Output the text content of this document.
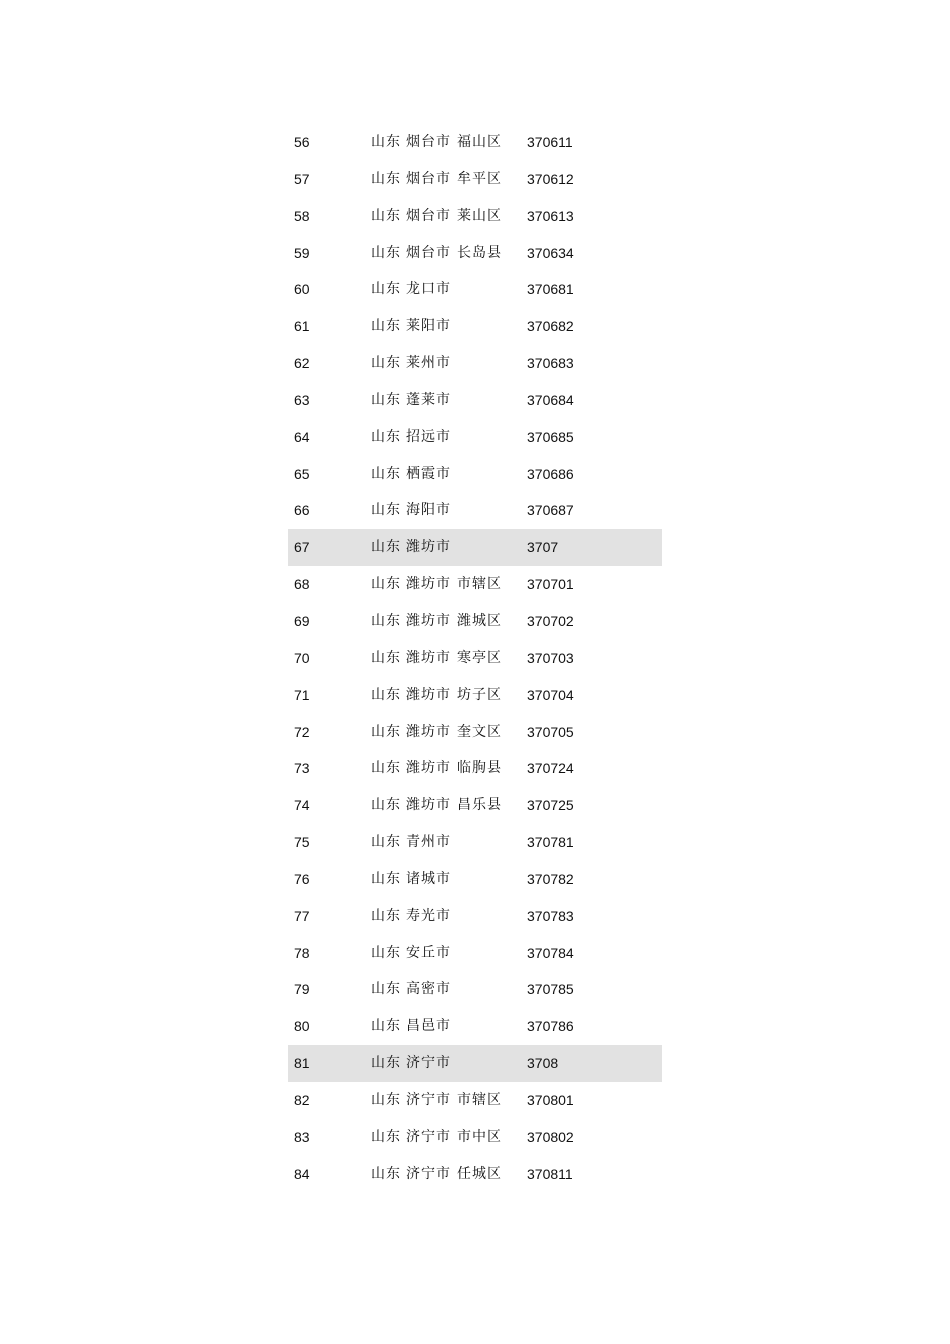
56	山东 烟台市 福山区 370611
57	山东 烟台市 牟平区 370612
58	山东 烟台市 莱山区 370613
59	山东 烟台市 长岛县 370634
60	山东 龙口市	370681
61	山东 莱阳市	370682
62	山东 莱州市	370683
63	山东 蓬莱市	370684
64	山东 招远市	370685
65	山东 栖霞市	370686
66	山东 海阳市	370687
67	山东 潍坊市	3707
68	山东 潍坊市 市辖区 370701
69	山东 潍坊市 潍城区 370702
70	山东 潍坊市 寒亭区 370703
71	山东 潍坊市 坊子区 370704
72	山东 潍坊市 奎文区 370705
73	山东 潍坊市 临朐县 370724
74	山东 潍坊市 昌乐县 370725
75	山东 青州市	370781
76	山东 诸城市	370782
77	山东 寿光市	370783
78	山东 安丘市	370784
79	山东 高密市	370785
80	山东 昌邑市	370786
81	山东 济宁市	3708
82	山东 济宁市 市辖区 370801
83	山东 济宁市 市中区 370802
84	山东 济宁市 任城区 370811
